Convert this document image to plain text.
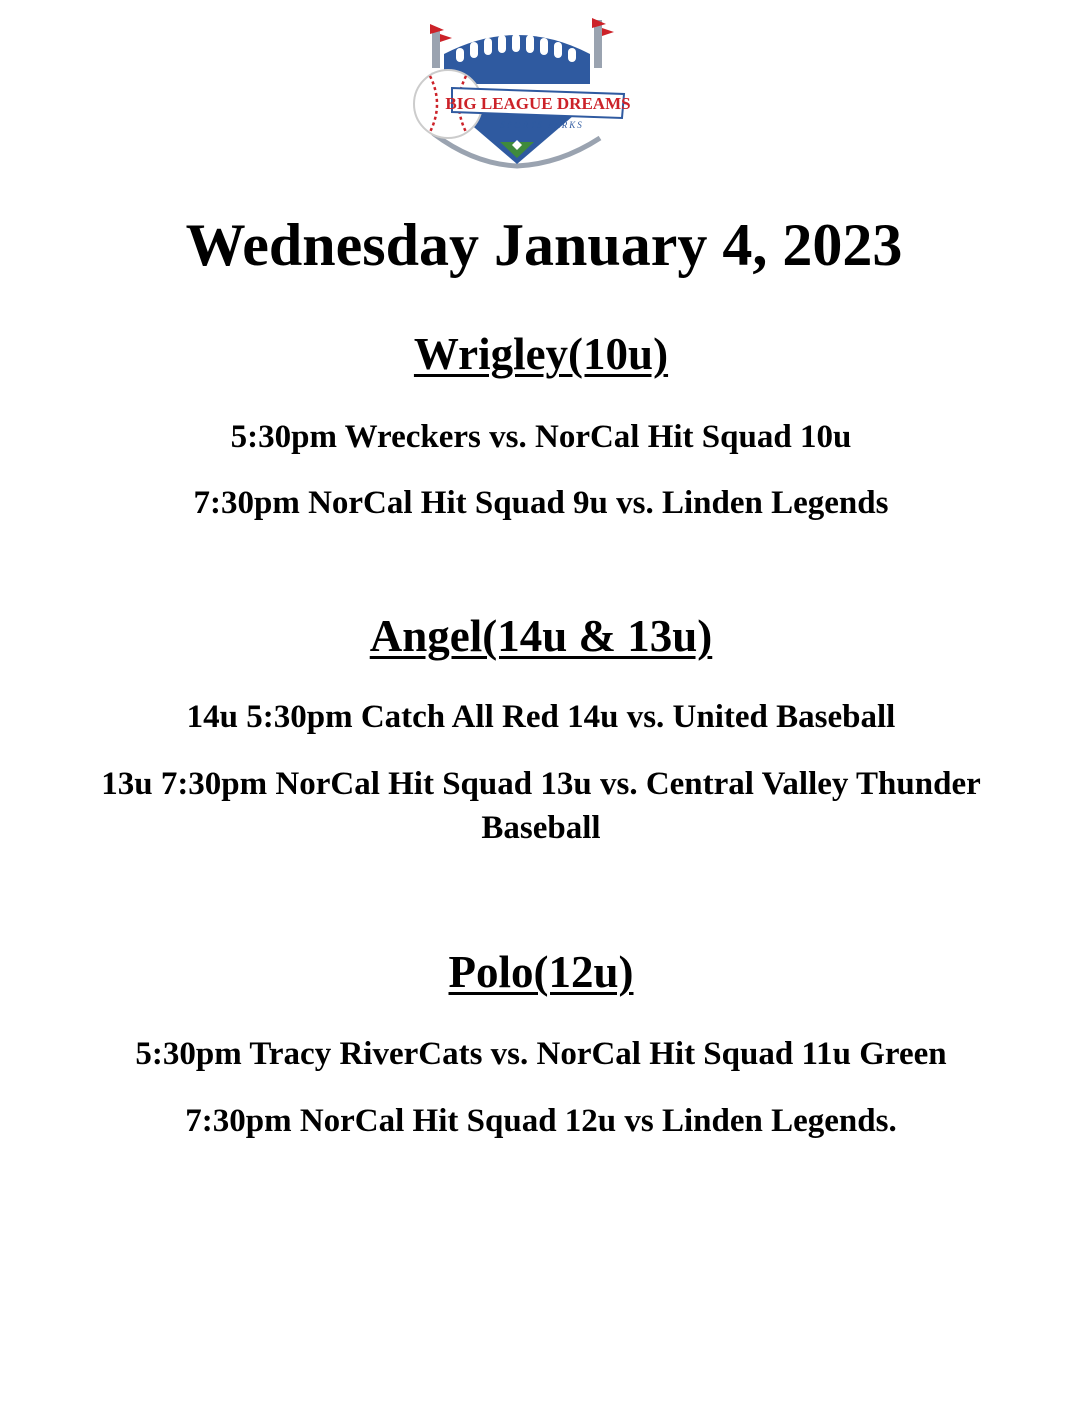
BIG LEAGUE DREAMS
SPORTS PARKS
Wednesday January 4, 2023
Wrigley(10u)

5:30pm Wreckers vs. NorCal Hit Squad 10u

7:30pm NorCal Hit Squad 9u vs. Linden Legends

Angel(14u & 13u)

14u 5:30pm Catch All Red 14u vs. United Baseball

13u 7:30pm NorCal Hit Squad 13u vs. Central Valley Thunder Baseball

Polo(12u)

5:30pm Tracy RiverCats vs. NorCal Hit Squad 11u Green

7:30pm NorCal Hit Squad 12u vs Linden Legends.
